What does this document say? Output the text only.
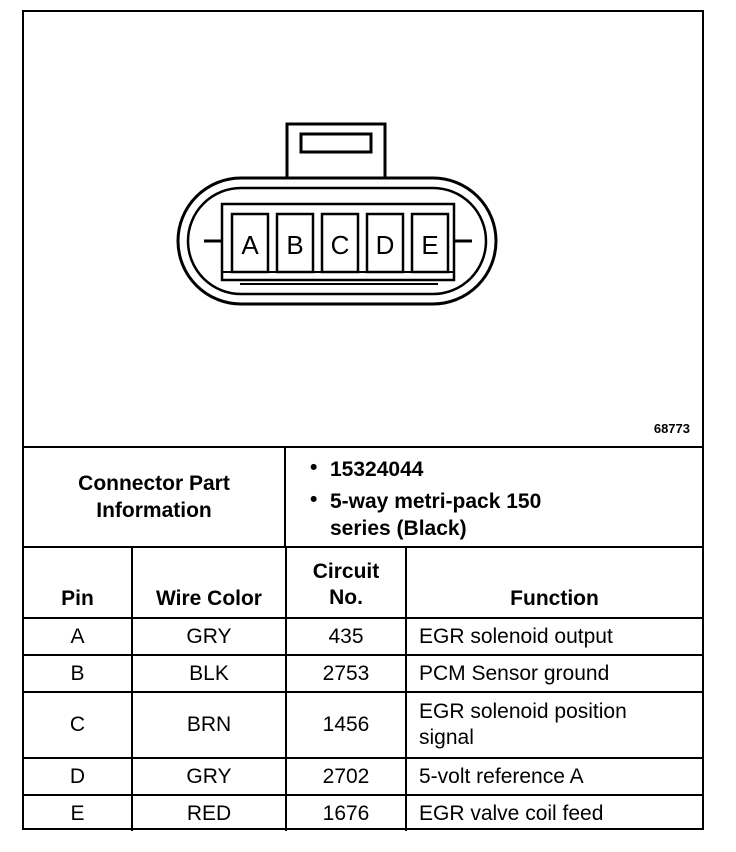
A B C D E
68773
Connector Part Information
• 15324044
• 5-way metri-pack 150 series (Black)
Pin	Wire Color	Circuit No.	Function
A	GRY	435	EGR solenoid output
B	BLK	2753	PCM Sensor ground
C	BRN	1456	EGR solenoid position signal
D	GRY	2702	5-volt reference A
E	RED	1676	EGR valve coil feed
